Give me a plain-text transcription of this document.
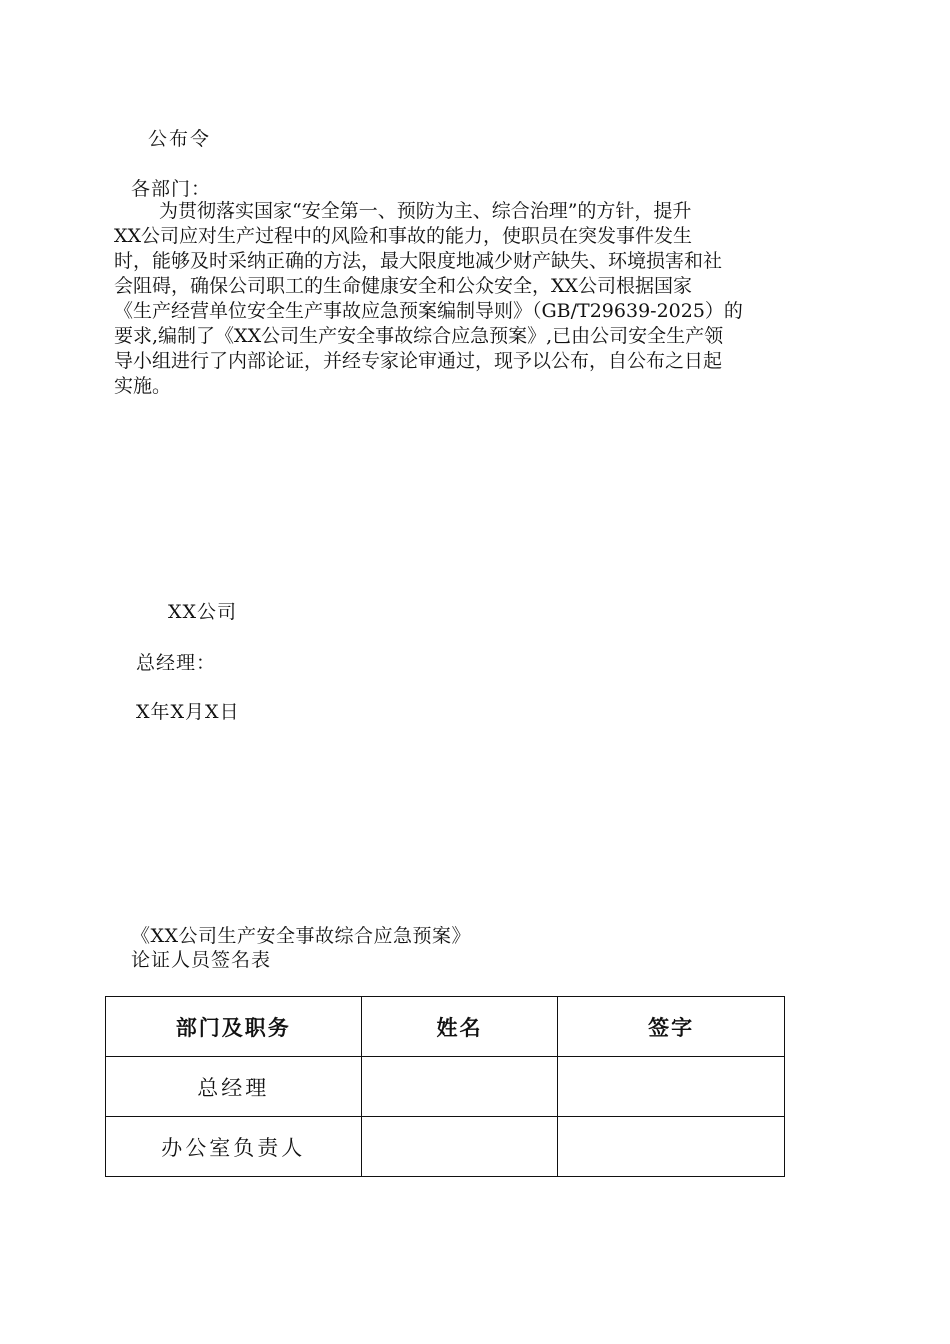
公布令
各部门：
为贯彻落实国家“安全第一、预防为主、综合治理”的方针，提升
XX公司应对生产过程中的风险和事故的能力，使职员在突发事件发生
时，能够及时采纳正确的方法，最大限度地减少财产缺失、环境损害和社
会阻碍，确保公司职工的生命健康安全和公众安全，XX公司根据国家
《生产经营单位安全生产事故应急预案编制导则》（GB/T29639-2025）的
要求,编制了《XX公司生产安全事故综合应急预案》,已由公司安全生产领
导小组进行了内部论证，并经专家论审通过，现予以公布，自公布之日起
实施。
XX公司
总经理：
X年X月X日
《XX公司生产安全事故综合应急预案》
论证人员签名表
部门及职务	姓名	签字
总经理		
办公室负责人		
